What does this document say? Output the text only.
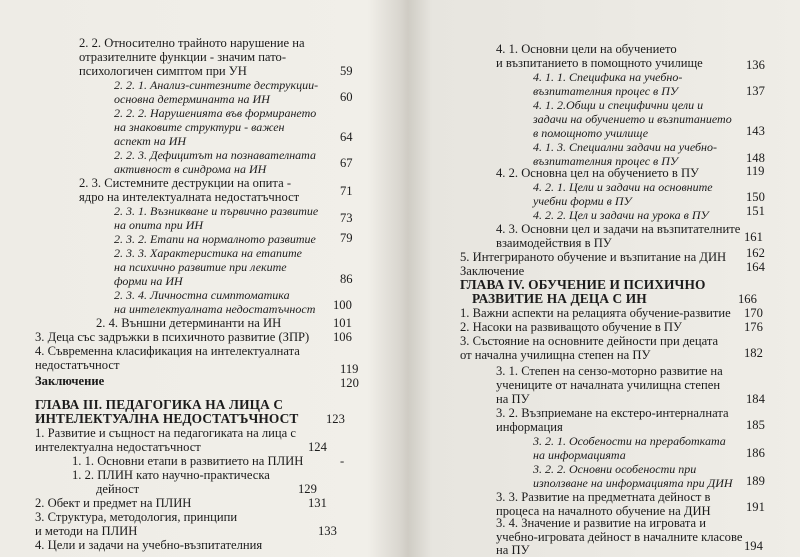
2. 2. Относително трайното нарушение на
отразителните функции - значим пато-
психологичен симптом при УН	59
2. 2. 1. Анализ-синтезните деструкции-
основна детерминанта на ИН	60
2. 2. 2. Нарушенията във формирането
на знаковите структури - важен
аспект на ИН	64
2. 2. 3. Дефицитът на познавателната
активност в синдрома на ИН	67
2. 3. Системните деструкции на опита -
ядро на интелектуалната недостатъчност	71
2. 3. 1. Възникване и първично развитие
на опита при ИН	73
2. 3. 2. Етапи на нормалното развитие 79
2. 3. 3. Характеристика на етапите
на психично развитие при леките
форми на ИН	86
2. 3. 4. Личностна симптоматика
на интелектуалната недостатъчност 100
2. 4. Външни детерминанти на ИН	101
3. Деца със задръжки в психичното развитие (ЗПР) 106
4. Съвременна класификация на интелектуалната
недостатъчност	119
Заключение	120
ГЛАВА III. ПЕДАГОГИКА НА ЛИЦА С
ИНТЕЛЕКТУАЛНА НЕДОСТАТЪЧНОСТ 123
1. Развитие и същност на педагогиката на лица с
интелектуална недостатъчност	124
1. 1. Основни етапи в развитието на ПЛИН	-
1. 2. ПЛИН като научно-практическа
дейност	129
2. Обект и предмет на ПЛИН	131
3. Структура, методология, принципи
и методи на ПЛИН	133
4. 1. Основни цели на обучението
и възпитанието в помощното училище	136
4. 1. 1. Специфика на учебно-
възпитателния процес в ПУ	137
4. 1. 2.Общи и специфични цели и
задачи на обучението и възпитанието
в помощното училище	143
4. 1. 3. Специални задачи на учебно-
възпитателния процес в ПУ	148
4. 2. Основна цел на обучението в ПУ	119
4. 2. 1. Цели и задачи на основните
учебни форми в ПУ	150
4. 2. 2. Цел и задачи на урока в ПУ	151
4. 3. Основни цел и задачи на възпитателните
взаимодействия в ПУ	161
5. Интегрираното обучение и възпитание на ДИН 162
Заключение	164
ГЛАВА IV. ОБУЧЕНИЕ И ПСИХИЧНО
РАЗВИТИЕ НА ДЕЦА С ИН	166
1. Важни аспекти на релацията обучение-развитие 170
2. Насоки на развиващото обучение в ПУ	176
3. Състояние на основните дейности при децата
от начална училищна степен на ПУ	182
3. 1. Степен на сензо-моторно развитие на
учениците от началната училищна степен
на ПУ	184
3. 2. Възприемане на екстеро-интерналната
информация	185
3. 2. 1. Особености на преработката
на информацията	186
3. 2. 2. Основни особености при
използване на информацията при ДИН 189
3. 3. Развитие на предметната дейност в
процеса на началното обучение на ДИН	191
3. 4. Значение и развитие на игровата и
учебно-игровата дейност в началните класове
на ПУ	194
4. Цели и задачи на учебно-възпитателния
